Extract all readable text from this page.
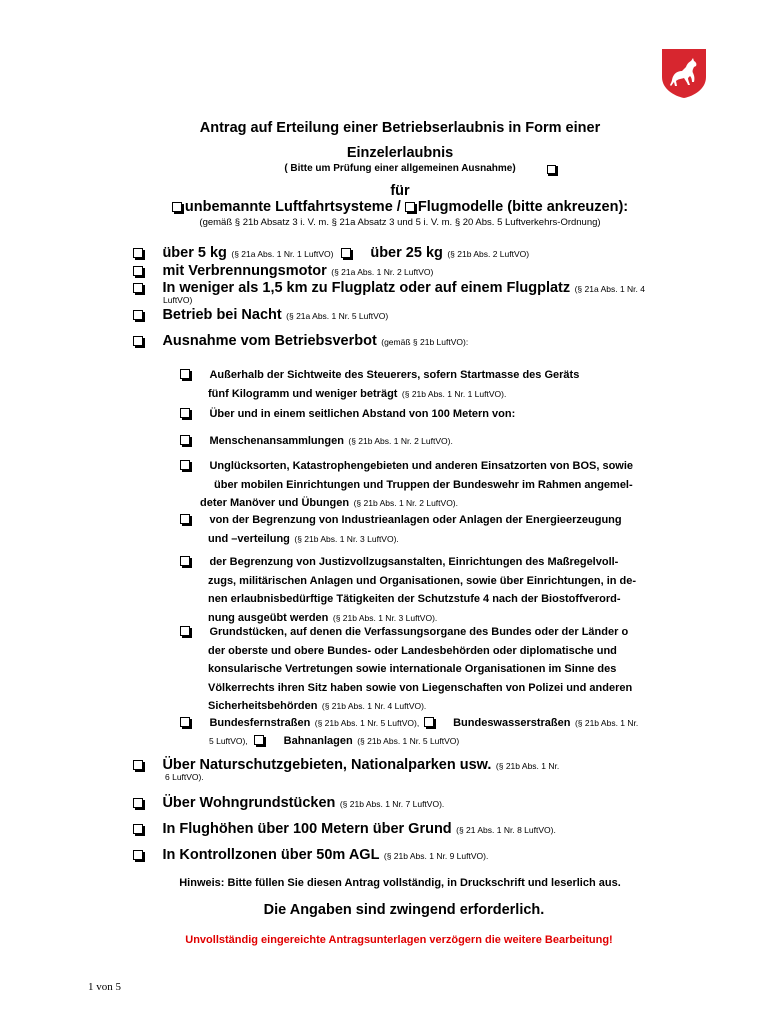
Antrag auf Erteilung einer Betriebserlaubnis in Form einer
Einzelerlaubnis
( Bitte um Prüfung einer allgemeinen Ausnahme)
für
unbemannte Luftfahrtsysteme / Flugmodelle (bitte ankreuzen):
(gemäß § 21b Absatz 3 i. V. m. § 21a Absatz 3 und 5 i. V. m. § 20 Abs. 5 Luftverkehrs-Ordnung)
über 5 kg (§ 21a Abs. 1 Nr. 1 LuftVO)	über 25 kg (§ 21b Abs. 2 LuftVO)
mit Verbrennungsmotor (§ 21a Abs. 1 Nr. 2 LuftVO)
In weniger als 1,5 km zu Flugplatz oder auf einem Flugplatz (§ 21a Abs. 1 Nr. 4
LuftVO)
Betrieb bei Nacht (§ 21a Abs. 1 Nr. 5 LuftVO)
Ausnahme vom Betriebsverbot (gemäß § 21b LuftVO):
Außerhalb der Sichtweite des Steuerers, sofern Startmasse des Geräts
fünf Kilogramm und weniger beträgt (§ 21b Abs. 1 Nr. 1 LuftVO).
Über und in einem seitlichen Abstand von 100 Metern von:
Menschenansammlungen (§ 21b Abs. 1 Nr. 2 LuftVO).
Unglücksorten, Katastrophengebieten und anderen Einsatzorten von BOS, sowie
über mobilen Einrichtungen und Truppen der Bundeswehr im Rahmen angemel-
deter Manöver und Übungen (§ 21b Abs. 1 Nr. 2 LuftVO).
von der Begrenzung von Industrieanlagen oder Anlagen der Energieerzeugung
und –verteilung (§ 21b Abs. 1 Nr. 3 LuftVO).
der Begrenzung von Justizvollzugsanstalten, Einrichtungen des Maßregelvoll-
zugs, militärischen Anlagen und Organisationen, sowie über Einrichtungen, in de-
nen erlaubnisbedürftige Tätigkeiten der Schutzstufe 4 nach der Biostoffverord-
nung ausgeübt werden (§ 21b Abs. 1 Nr. 3 LuftVO).
Grundstücken, auf denen die Verfassungsorgane des Bundes oder der Länder o
der oberste und obere Bundes- oder Landesbehörden oder diplomatische und
konsularische Vertretungen sowie internationale Organisationen im Sinne des
Völkerrechts ihren Sitz haben sowie von Liegenschaften von Polizei und anderen
Sicherheitsbehörden (§ 21b Abs. 1 Nr. 4 LuftVO).
Bundesfernstraßen (§ 21b Abs. 1 Nr. 5 LuftVO),	Bundeswasserstraßen (§ 21b Abs. 1 Nr.
5 LuftVO),	Bahnanlagen (§ 21b Abs. 1 Nr. 5 LuftVO)
Über Naturschutzgebieten, Nationalparken usw. (§ 21b Abs. 1 Nr.
6 LuftVO).
Über Wohngrundstücken (§ 21b Abs. 1 Nr. 7 LuftVO).
In Flughöhen über 100 Metern über Grund (§ 21 Abs. 1 Nr. 8 LuftVO).
In Kontrollzonen über 50m AGL (§ 21b Abs. 1 Nr. 9 LuftVO).
Hinweis: Bitte füllen Sie diesen Antrag vollständig, in Druckschrift und leserlich aus.
Die Angaben sind zwingend erforderlich.
Unvollständig eingereichte Antragsunterlagen verzögern die weitere Bearbeitung!
1 von 5
